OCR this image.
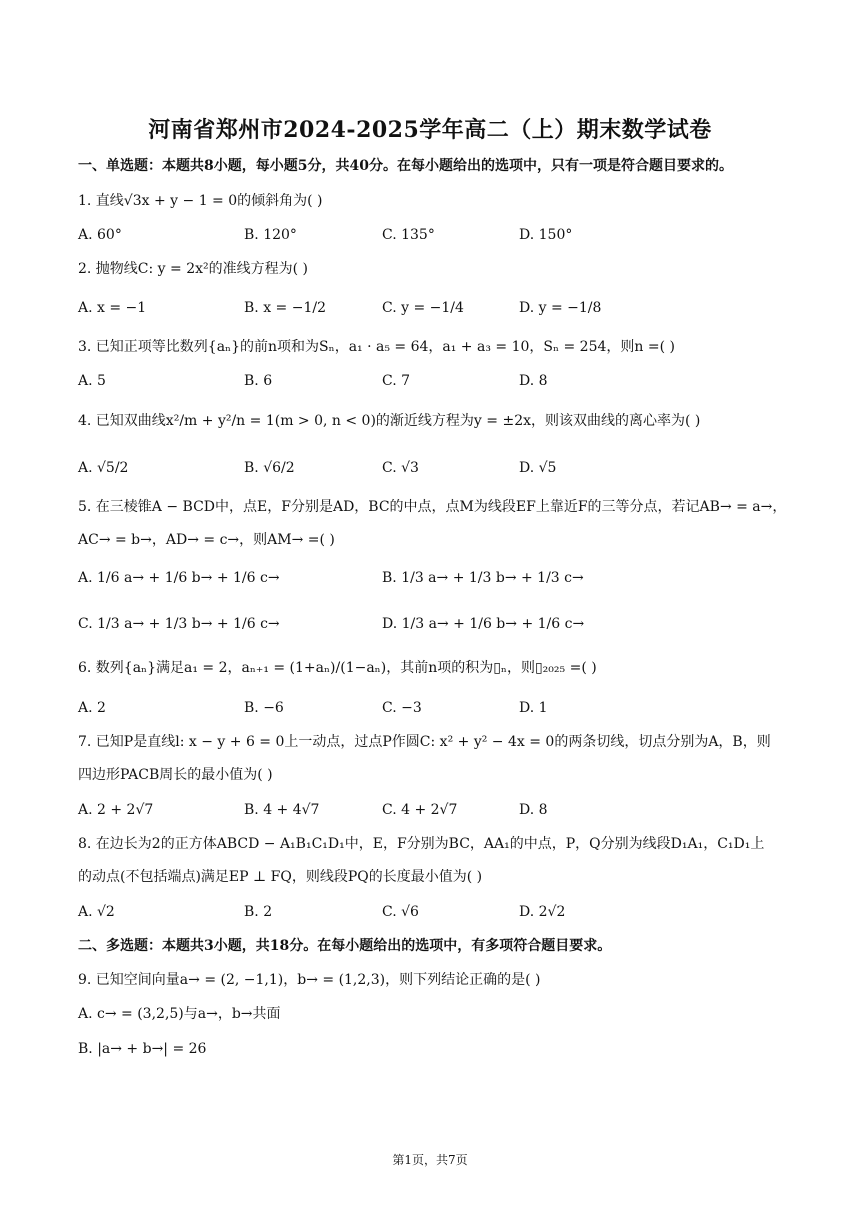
河南省郑州市2024-2025学年高二（上）期末数学试卷
一、单选题：本题共8小题，每小题5分，共40分。在每小题给出的选项中，只有一项是符合题目要求的。
1. 直线√3x + y − 1 = 0的倾斜角为( )
A. 60°	B. 120°	C. 135°	D. 150°
2. 抛物线C: y = 2x²的准线方程为( )
A. x = −1	B. x = −1/2	C. y = −1/4	D. y = −1/8
3. 已知正项等比数列{aₙ}的前n项和为Sₙ，a₁ · a₅ = 64，a₁ + a₃ = 10，Sₙ = 254，则n =( )
A. 5	B. 6	C. 7	D. 8
4. 已知双曲线x²/m + y²/n = 1(m > 0, n < 0)的渐近线方程为y = ±2x，则该双曲线的离心率为( )
A. √5/2	B. √6/2	C. √3	D. √5
5. 在三棱锥A − BCD中，点E，F分别是AD，BC的中点，点M为线段EF上靠近F的三等分点，若记AB→ = a→，
AC→ = b→，AD→ = c→，则AM→ =( )
A. 1/6 a→ + 1/6 b→ + 1/6 c→	B. 1/3 a→ + 1/3 b→ + 1/3 c→
C. 1/3 a→ + 1/3 b→ + 1/6 c→	D. 1/3 a→ + 1/6 b→ + 1/6 c→
6. 数列{aₙ}满足a₁ = 2，aₙ₊₁ = (1+aₙ)/(1−aₙ)，其前n项的积为▯ₙ，则▯₂₀₂₅ =( )
A. 2	B. −6	C. −3	D. 1
7. 已知P是直线l: x − y + 6 = 0上一动点，过点P作圆C: x² + y² − 4x = 0的两条切线，切点分别为A，B，则
四边形PACB周长的最小值为( )
A. 2 + 2√7	B. 4 + 4√7	C. 4 + 2√7	D. 8
8. 在边长为2的正方体ABCD − A₁B₁C₁D₁中，E，F分别为BC，AA₁的中点，P，Q分别为线段D₁A₁，C₁D₁上
的动点(不包括端点)满足EP ⊥ FQ，则线段PQ的长度最小值为( )
A. √2	B. 2	C. √6	D. 2√2
二、多选题：本题共3小题，共18分。在每小题给出的选项中，有多项符合题目要求。
9. 已知空间向量a→ = (2, −1,1)，b→ = (1,2,3)，则下列结论正确的是( )
A. c→ = (3,2,5)与a→，b→共面
B. |a→ + b→| = 26
第1页，共7页
